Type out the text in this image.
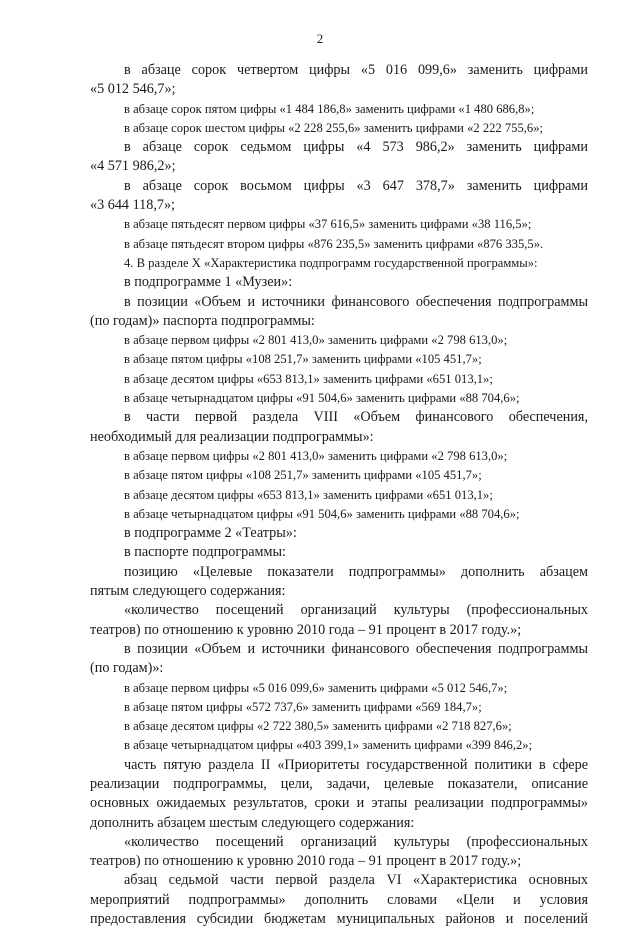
2
в абзаце сорок четвертом цифры «5 016 099,6» заменить цифрами
«5 012 546,7»;
в абзаце сорок пятом цифры «1 484 186,8» заменить цифрами «1 480 686,8»;
в абзаце сорок шестом цифры «2 228 255,6» заменить цифрами «2 222 755,6»;
в абзаце сорок седьмом цифры «4 573 986,2» заменить цифрами
«4 571 986,2»;
в абзаце сорок восьмом цифры «3 647 378,7» заменить цифрами
«3 644 118,7»;
в абзаце пятьдесят первом цифры «37 616,5» заменить цифрами «38 116,5»;
в абзаце пятьдесят втором цифры «876 235,5» заменить цифрами «876 335,5».
4. В разделе X «Характеристика подпрограмм государственной программы»:
в подпрограмме 1 «Музеи»:
в позиции «Объем и источники финансового обеспечения подпрограммы
(по годам)» паспорта подпрограммы:
в абзаце первом цифры «2 801 413,0» заменить цифрами «2 798 613,0»;
в абзаце пятом цифры «108 251,7» заменить цифрами «105 451,7»;
в абзаце десятом цифры «653 813,1» заменить цифрами «651 013,1»;
в абзаце четырнадцатом цифры «91 504,6» заменить цифрами «88 704,6»;
в части первой раздела VIII «Объем финансового обеспечения,
необходимый для реализации подпрограммы»:
в абзаце первом цифры «2 801 413,0» заменить цифрами «2 798 613,0»;
в абзаце пятом цифры «108 251,7» заменить цифрами «105 451,7»;
в абзаце десятом цифры «653 813,1» заменить цифрами «651 013,1»;
в абзаце четырнадцатом цифры «91 504,6» заменить цифрами «88 704,6»;
в подпрограмме 2 «Театры»:
в паспорте подпрограммы:
позицию «Целевые показатели подпрограммы» дополнить абзацем
пятым следующего содержания:
«количество посещений организаций культуры (профессиональных
театров) по отношению к уровню 2010 года – 91 процент в 2017 году.»;
в позиции «Объем и источники финансового обеспечения подпрограммы
(по годам)»:
в абзаце первом цифры «5 016 099,6» заменить цифрами «5 012 546,7»;
в абзаце пятом цифры «572 737,6» заменить цифрами «569 184,7»;
в абзаце десятом цифры «2 722 380,5» заменить цифрами «2 718 827,6»;
в абзаце четырнадцатом цифры «403 399,1» заменить цифрами «399 846,2»;
часть пятую раздела II «Приоритеты государственной политики в сфере
реализации подпрограммы, цели, задачи, целевые показатели, описание
основных ожидаемых результатов, сроки и этапы реализации подпрограммы»
дополнить абзацем шестым следующего содержания:
«количество посещений организаций культуры (профессиональных
театров) по отношению к уровню 2010 года – 91 процент в 2017 году.»;
абзац седьмой части первой раздела VI «Характеристика основных
мероприятий подпрограммы» дополнить словами «Цели и условия
предоставления субсидии бюджетам муниципальных районов и поселений
